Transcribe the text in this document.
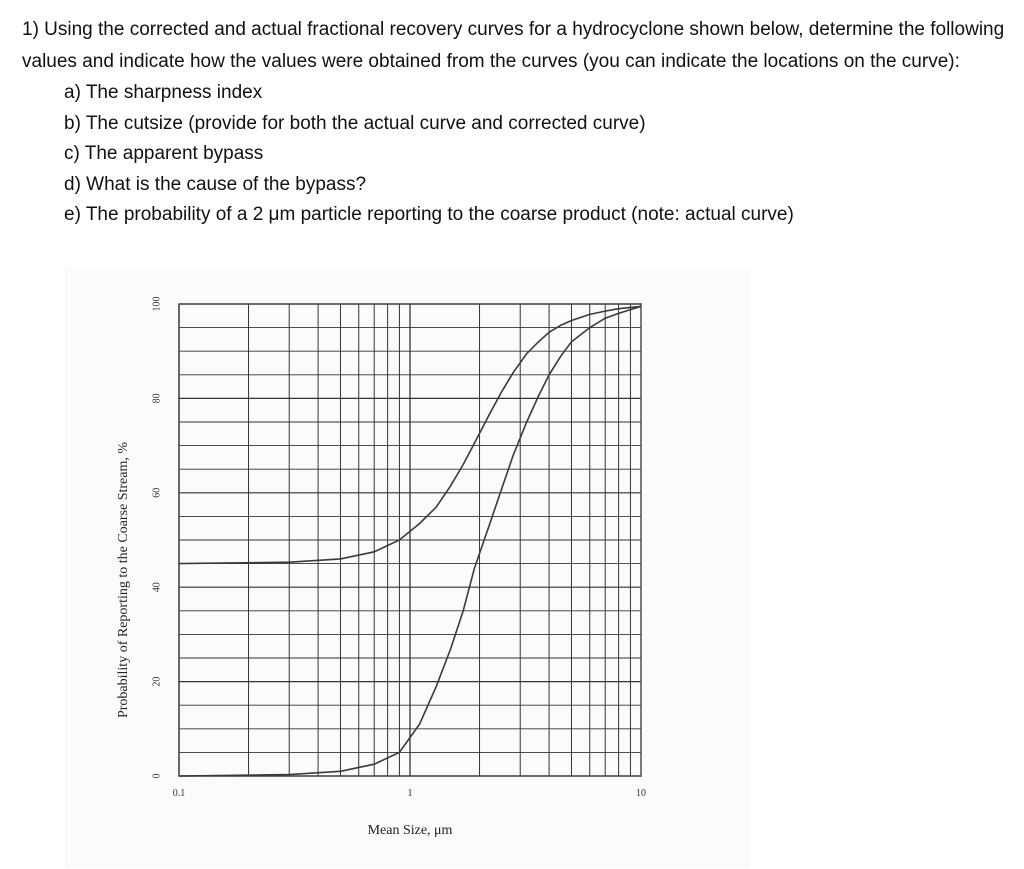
1) Using the corrected and actual fractional recovery curves for a hydrocyclone shown below, determine the following values and indicate how the values were obtained from the curves (you can indicate the locations on the curve):

a) The sharpness index
b) The cutsize (provide for both the actual curve and corrected curve)
c) The apparent bypass
d) What is the cause of the bypass?
e) The probability of a 2 μm particle reporting to the coarse product (note: actual curve)
0
20
40
60
80
100
0.1	1	10
Mean Size, μm
Probability of Reporting to the Coarse Stream, %
